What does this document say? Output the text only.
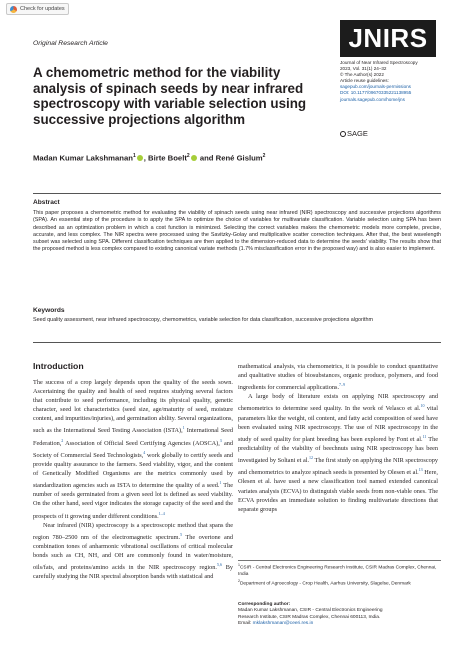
Check for updates
Original Research Article	JNIRS
Journal of Near Infrared Spectroscopy
2023, Vol. 31(1) 24–32
© The Author(s) 2022
Article reuse guidelines:
sagepub.com/journals-permissions
DOI: 10.1177/09670335221138955
journals.sagepub.com/home/jns
SAGE
A chemometric method for the viability analysis of spinach seeds by near infrared spectroscopy with variable selection using successive projections algorithm
Madan Kumar Lakshmanan$^1$ , Birte Boelt$^2$ and René Gislum$^2$
Abstract

This paper proposes a chemometric method for evaluating the viability of spinach seeds using near infrared (NIR) spectroscopy and successive projections algorithms (SPA). An essential step of the procedure is to apply the SPA to optimize the choice of variables for multivariate classification. Variable selection using SPA has been described as an optimization problem in which a cost function is minimized. Selecting the correct variables makes the chemometric models more complete, precise, accurate, and less complex. The NIR spectra were processed using the Savitzky-Golay and multiplicative scatter correction techniques. After that, the best wavelength subset was selected using SPA. Different classification techniques are then applied to the dimension-reduced data to determine the seeds' viability. The results show that the proposed method is less complex compared to existing canonical variate methods (1.7% misclassification error in the proposed way) and is also easier to implement.

Keywords

Seed quality assessment, near infrared spectroscopy, chemometrics, variable selection for data classification, successive projections algorithm

Introduction

The success of a crop largely depends upon the quality of the seeds sown. Ascertaining the quality and health of seed requires studying several factors that contribute to seed performance, including its physical quality, genetic character, seed lot characteristics (seed size, age/maturity of seed, moisture content, and impurities/injuries), and germination ability. Several organizations, such as the International Seed Testing Association (ISTA),$^1$ International Seed Federation,$^2$ Association of Official Seed Certifying Agencies (AOSCA),$^3$ and Society of Commercial Seed Technologists,$^4$ work globally to certify seeds and provide quality assurance to the farmers. Seed viability, vigor, and the content of Genetically Modified Organisms are the metrics commonly used by standardization agencies such as ISTA to determine the quality of a seed.$^1$ The number of seeds germinated from a given seed lot is defined as seed viability. On the other hand, seed vigor indicates the storage capacity of the seed and the prospects of it growing under different conditions.$^{1-4}$

Near infrared (NIR) spectroscopy is a spectroscopic method that spans the region 780–2500 nm of the electromagnetic spectrum.$^5$ The overtone and combination tones of anharmonic vibrational oscillations of critical molecular bonds such as CH, NH, and OH are commonly found in water/moisture, oils/fats, and proteins/amino acids in the NIR spectroscopy region.$^{5,6}$ By carefully studying the NIR spectral absorption bands with statistical and

mathematical analysis, via chemometrics, it is possible to conduct quantitative and qualitative studies of biosubstances, organic produce, polymers, and food ingredients for commercial applications.$^{7-9}$

A large body of literature exists on applying NIR spectroscopy and chemometrics to determine seed quality. In the work of Velasco et al.$^{10}$ vital parameters like the weight, oil content, and fatty acid composition of seed have been evaluated using NIR spectroscopy. The use of NIR spectroscopy in the study of seed quality for plant breeding has been explored by Font et al.$^{11}$ The predictability of the viability of beechnuts using NIR spectroscopy has been investigated by Soltani et al.$^{12}$ The first study on applying the NIR spectroscopy and chemometrics to analyze spinach seeds is presented by Olesen et al.$^{13}$ Here, Olesen et al. have used a new classification tool named extended canonical variates analysis (ECVA) to distinguish viable seeds from non-viable ones. The ECVA provides an immediate solution to finding multivariate directions that separate groups

$^1$CSIR - Central Electronics Engineering Research Institute, CSIR Madras Complex, Chennai, India
$^2$Department of Agroecology - Crop Health, Aarhus University, Slagelse, Denmark
Corresponding author:
Madan Kumar Lakshmanan, CSIR - Central Electronics Engineering
Research Institute, CSIR Madras Complex, Chennai 600113, India.
Email: mklakshmanan@ceeri.res.in
